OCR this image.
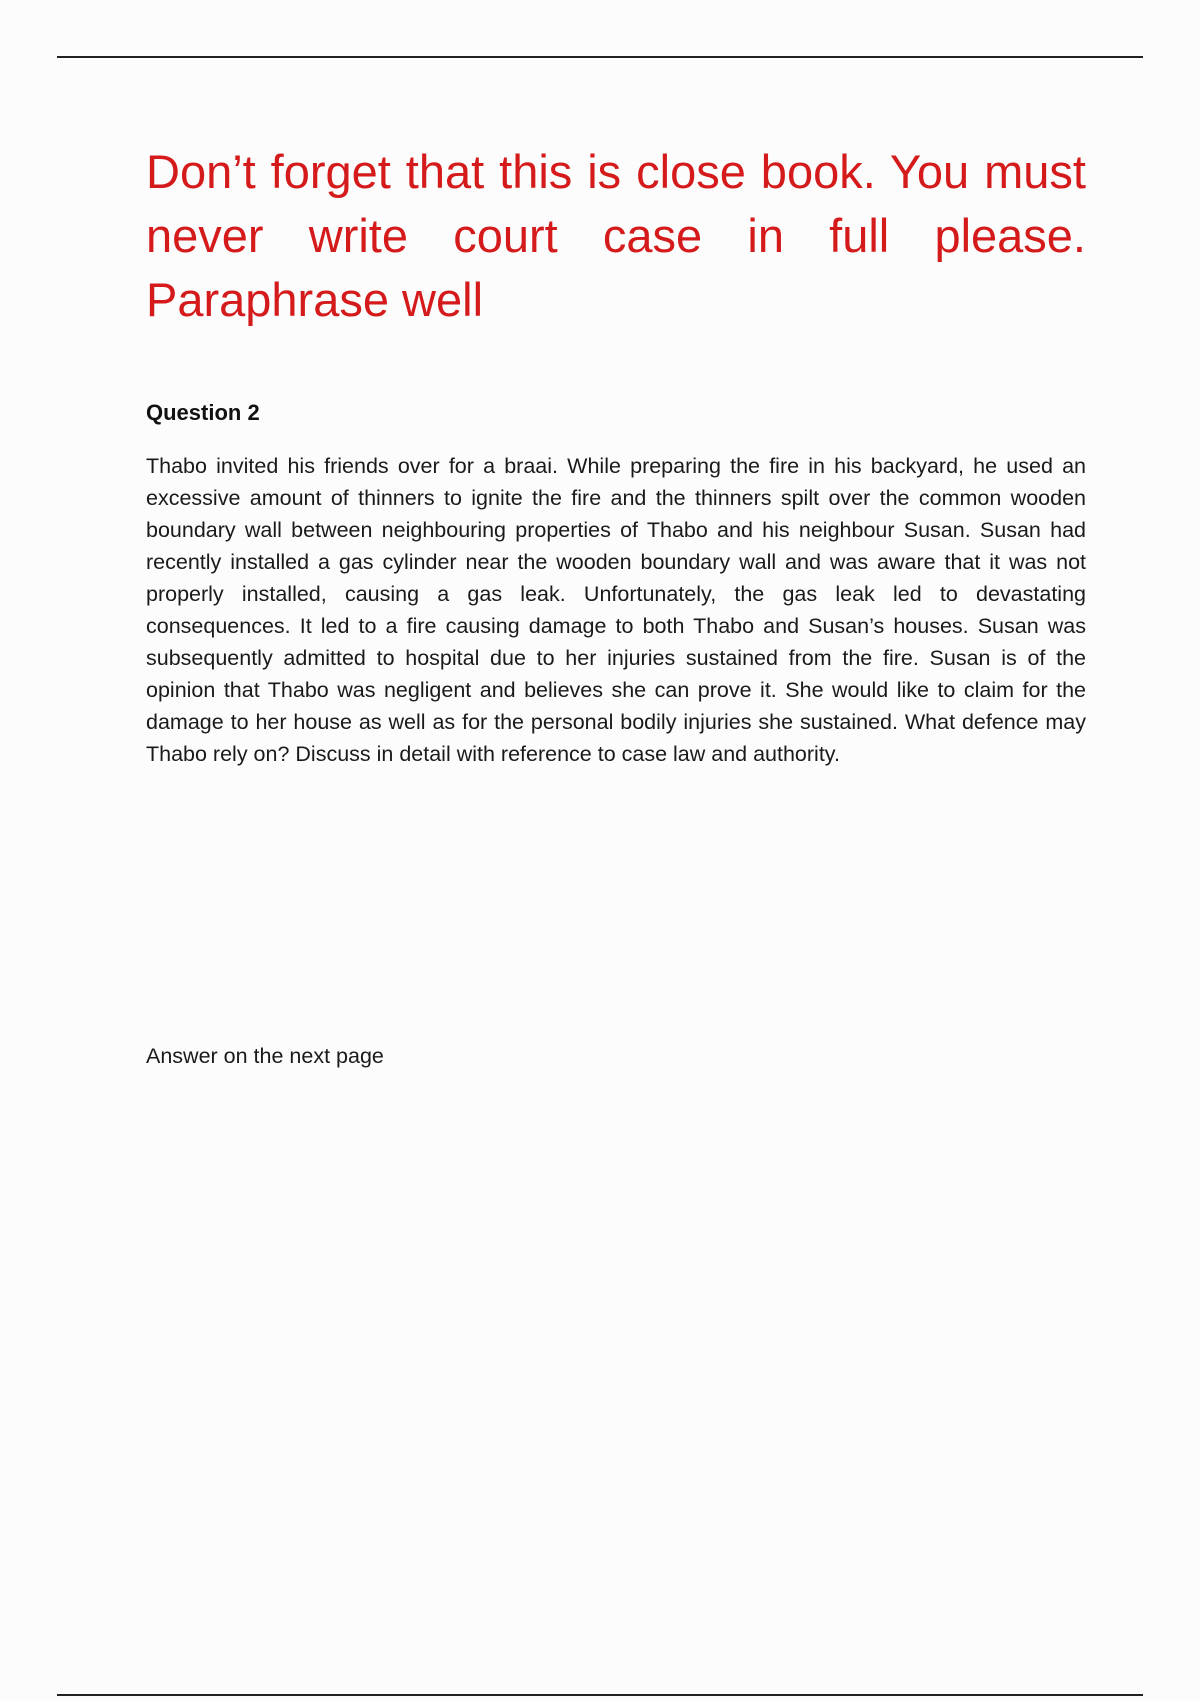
Don’t forget that this is close book. You must never write court case in full please. Paraphrase well

Question 2

Thabo invited his friends over for a braai. While preparing the fire in his backyard, he used an excessive amount of thinners to ignite the fire and the thinners spilt over the common wooden boundary wall between neighbouring properties of Thabo and his neighbour Susan. Susan had recently installed a gas cylinder near the wooden boundary wall and was aware that it was not properly installed, causing a gas leak. Unfortunately, the gas leak led to devastating consequences. It led to a fire causing damage to both Thabo and Susan’s houses. Susan was subsequently admitted to hospital due to her injuries sustained from the fire. Susan is of the opinion that Thabo was negligent and believes she can prove it. She would like to claim for the damage to her house as well as for the personal bodily injuries she sustained. What defence may Thabo rely on? Discuss in detail with reference to case law and authority.

Answer on the next page
